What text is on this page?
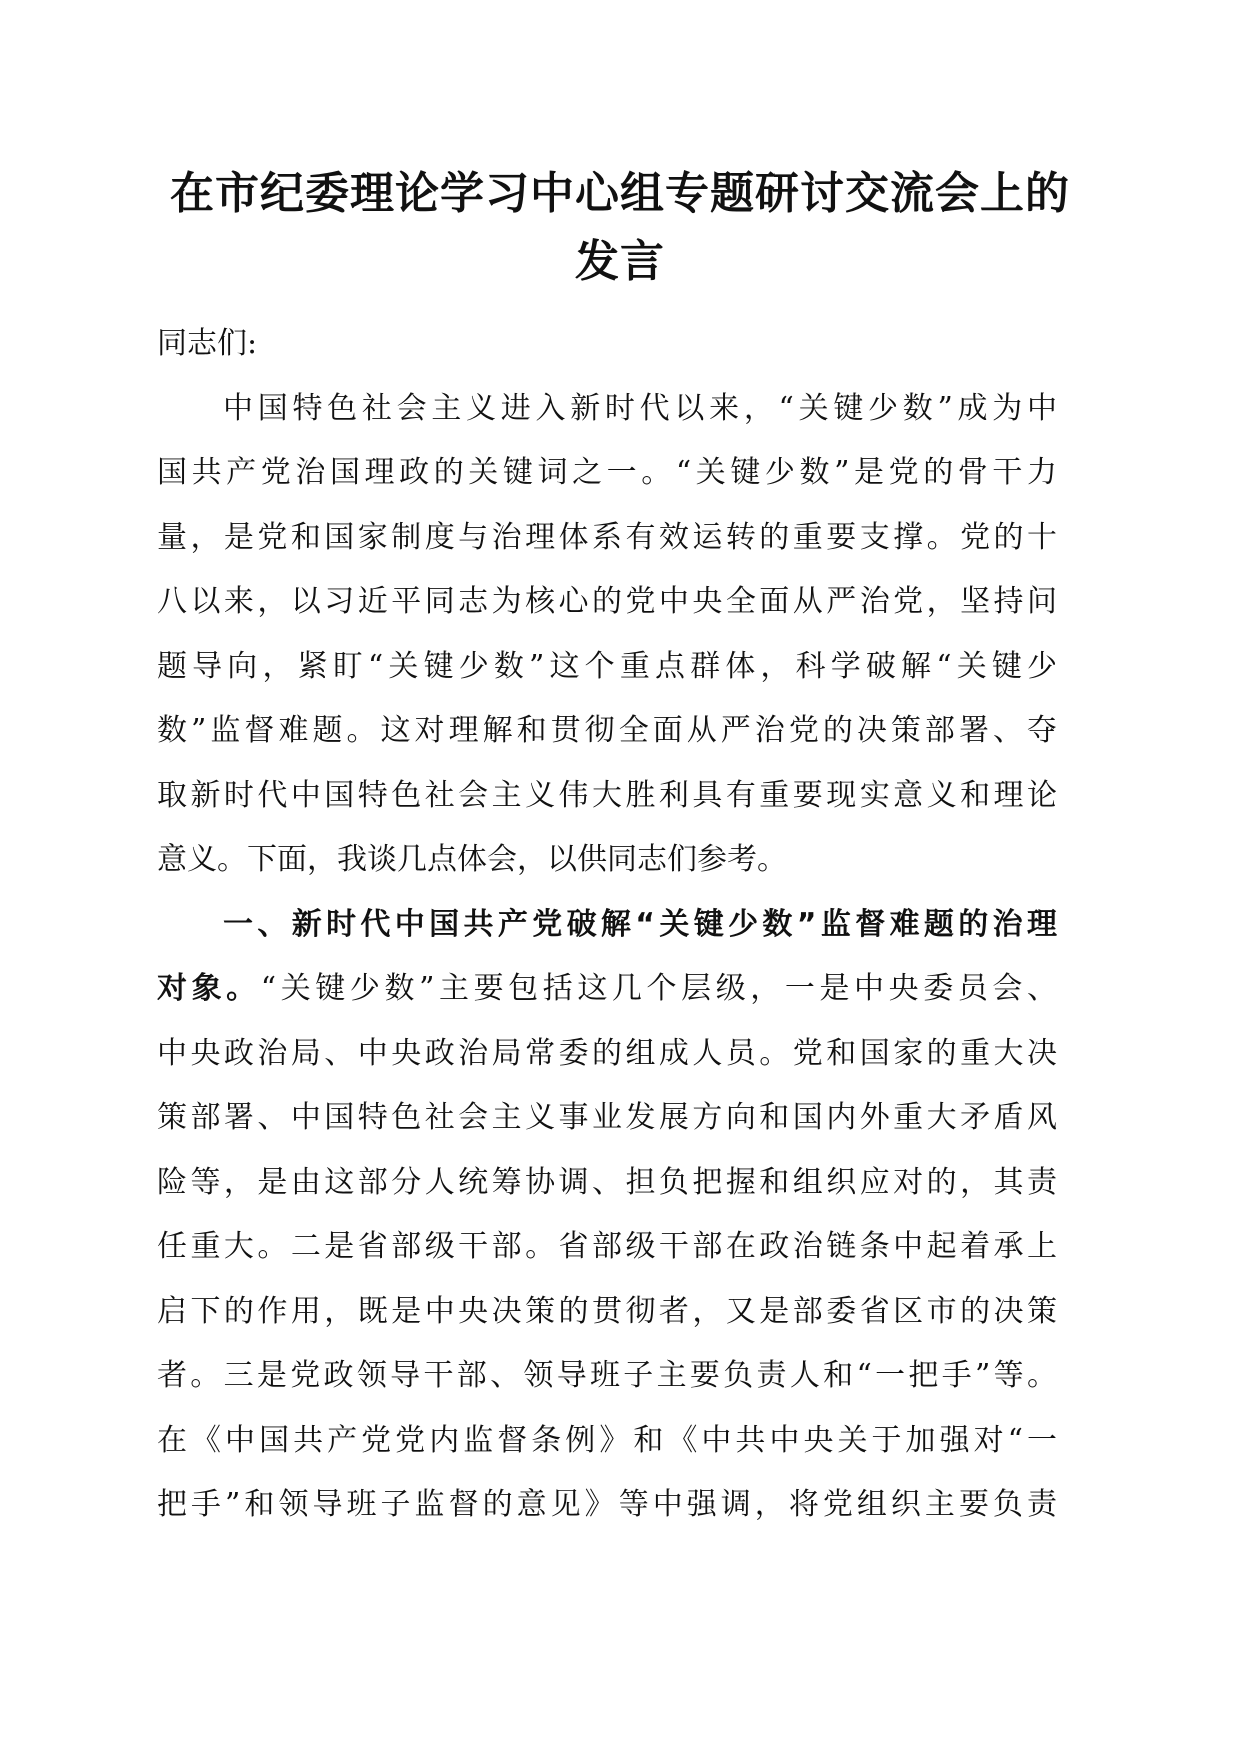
在市纪委理论学习中心组专题研讨交流会上的
发言
同志们:
中国特色社会主义进入新时代以来，“关键少数”成为中
国共产党治国理政的关键词之一。“关键少数”是党的骨干力
量，是党和国家制度与治理体系有效运转的重要支撑。党的十
八以来，以习近平同志为核心的党中央全面从严治党，坚持问
题导向，紧盯“关键少数”这个重点群体，科学破解“关键少
数”监督难题。这对理解和贯彻全面从严治党的决策部署、夺
取新时代中国特色社会主义伟大胜利具有重要现实意义和理论
意义。下面，我谈几点体会，以供同志们参考。
一、新时代中国共产党破解“关键少数”监督难题的治理
对象。“关键少数”主要包括这几个层级，一是中央委员会、
中央政治局、中央政治局常委的组成人员。党和国家的重大决
策部署、中国特色社会主义事业发展方向和国内外重大矛盾风
险等，是由这部分人统筹协调、担负把握和组织应对的，其责
任重大。二是省部级干部。省部级干部在政治链条中起着承上
启下的作用，既是中央决策的贯彻者，又是部委省区市的决策
者。三是党政领导干部、领导班子主要负责人和“一把手”等。
在《中国共产党党内监督条例》和《中共中央关于加强对“一
把手”和领导班子监督的意见》等中强调，将党组织主要负责
